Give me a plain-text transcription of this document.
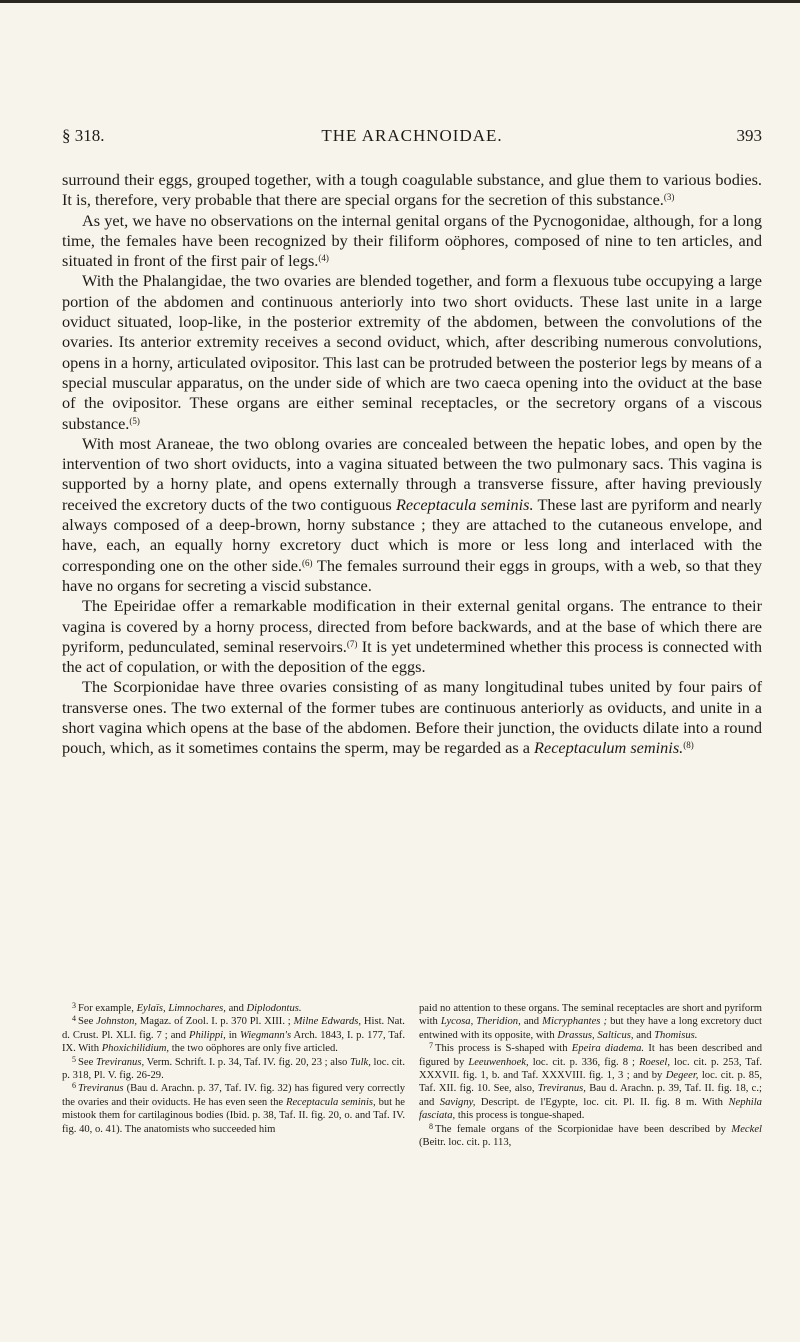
THE ARACHNOIDAE.
§ 318.	393

surround their eggs, grouped together, with a tough coagulable substance, and glue them to various bodies. It is, therefore, very probable that there are special organs for the secretion of this substance.$^{(3)}$

As yet, we have no observations on the internal genital organs of the Pycnogonidae, although, for a long time, the females have been recognized by their filiform oöphores, composed of nine to ten articles, and situated in front of the first pair of legs.$^{(4)}$

With the Phalangidae, the two ovaries are blended together, and form a flexuous tube occupying a large portion of the abdomen and continuous anteriorly into two short oviducts. These last unite in a large oviduct situated, loop-like, in the posterior extremity of the abdomen, between the convolutions of the ovaries. Its anterior extremity receives a second oviduct, which, after describing numerous convolutions, opens in a horny, articulated ovipositor. This last can be protruded between the posterior legs by means of a special muscular apparatus, on the under side of which are two caeca opening into the oviduct at the base of the ovipositor. These organs are either seminal receptacles, or the secretory organs of a viscous substance.$^{(5)}$

With most Araneae, the two oblong ovaries are concealed between the hepatic lobes, and open by the intervention of two short oviducts, into a vagina situated between the two pulmonary sacs. This vagina is supported by a horny plate, and opens externally through a transverse fissure, after having previously received the excretory ducts of the two contiguous Receptacula seminis. These last are pyriform and nearly always composed of a deep-brown, horny substance ; they are attached to the cutaneous envelope, and have, each, an equally horny excretory duct which is more or less long and interlaced with the corresponding one on the other side.$^{(6)}$ The females surround their eggs in groups, with a web, so that they have no organs for secreting a viscid substance.

The Epeiridae offer a remarkable modification in their external genital organs. The entrance to their vagina is covered by a horny process, directed from before backwards, and at the base of which there are pyriform, pedunculated, seminal reservoirs.$^{(7)}$ It is yet undetermined whether this process is connected with the act of copulation, or with the deposition of the eggs.

The Scorpionidae have three ovaries consisting of as many longitudinal tubes united by four pairs of transverse ones. The two external of the former tubes are continuous anteriorly as oviducts, and unite in a short vagina which opens at the base of the abdomen. Before their junction, the oviducts dilate into a round pouch, which, as it sometimes contains the sperm, may be regarded as a Receptaculum seminis.$^{(8)}$

$^3$ For example, Eylaïs, Limnochares, and Diplodontus.

$^4$ See Johnston, Magaz. of Zool. I. p. 370 Pl. XIII. ; Milne Edwards, Hist. Nat. d. Crust. Pl. XLI. fig. 7 ; and Philippi, in Wiegmann's Arch. 1843, I. p. 177, Taf. IX. With Phoxichilidium, the two oöphores are only five articled.

$^5$ See Treviranus, Verm. Schrift. I. p. 34, Taf. IV. fig. 20, 23 ; also Tulk, loc. cit. p. 318, Pl. V. fig. 26-29.

$^6$ Treviranus (Bau d. Arachn. p. 37, Taf. IV. fig. 32) has figured very correctly the ovaries and their oviducts. He has even seen the Receptacula seminis, but he mistook them for cartilaginous bodies (Ibid. p. 38, Taf. II. fig. 20, o. and Taf. IV. fig. 40, o. 41). The anatomists who succeeded him

paid no attention to these organs. The seminal receptacles are short and pyriform with Lycosa, Theridion, and Micryphantes ; but they have a long excretory duct entwined with its opposite, with Drassus, Salticus, and Thomisus.

$^7$ This process is S-shaped with Epeira diadema. It has been described and figured by Leeuwenhoek, loc. cit. p. 336, fig. 8 ; Roesel, loc. cit. p. 253, Taf. XXXVII. fig. 1, b. and Taf. XXXVIII. fig. 1, 3 ; and by Degeer, loc. cit. p. 85, Taf. XII. fig. 10. See, also, Treviranus, Bau d. Arachn. p. 39, Taf. II. fig. 18, c.; and Savigny, Descript. de l'Egypte, loc. cit. Pl. II. fig. 8 m. With Nephila fasciata, this process is tongue-shaped.

$^8$ The female organs of the Scorpionidae have been described by Meckel (Beitr. loc. cit. p. 113,
